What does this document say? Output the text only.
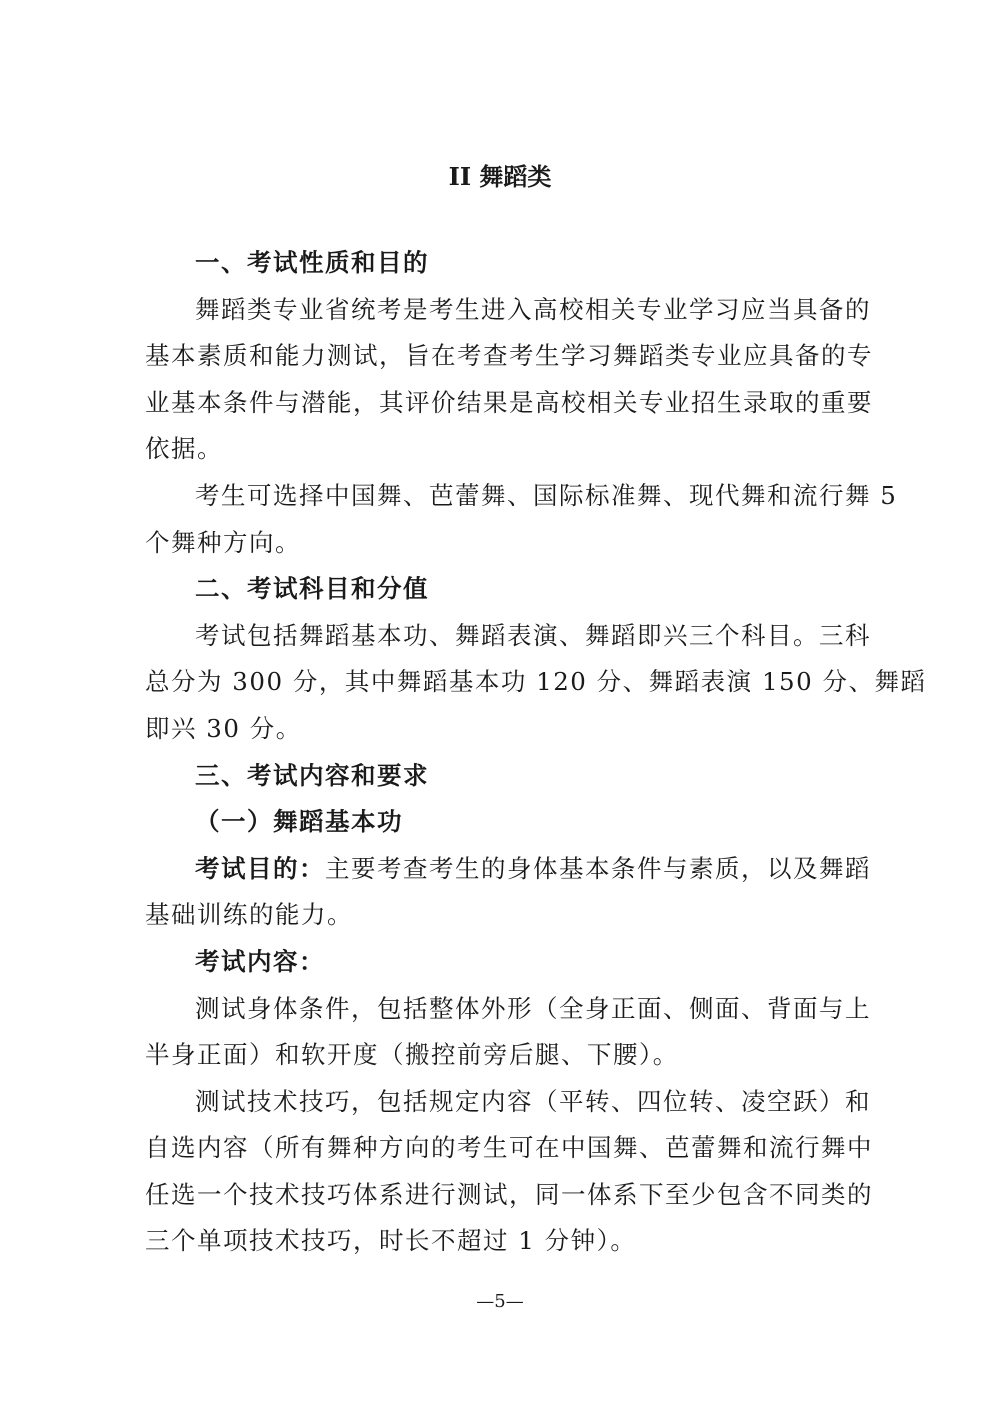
II 舞蹈类
一、考试性质和目的
舞蹈类专业省统考是考生进入高校相关专业学习应当具备的
基本素质和能力测试，旨在考查考生学习舞蹈类专业应具备的专
业基本条件与潜能，其评价结果是高校相关专业招生录取的重要
依据。
考生可选择中国舞、芭蕾舞、国际标准舞、现代舞和流行舞 5
个舞种方向。
二、考试科目和分值
考试包括舞蹈基本功、舞蹈表演、舞蹈即兴三个科目。三科
总分为 300 分，其中舞蹈基本功 120 分、舞蹈表演 150 分、舞蹈
即兴 30 分。
三、考试内容和要求
（一）舞蹈基本功
考试目的：主要考查考生的身体基本条件与素质，以及舞蹈
基础训练的能力。
考试内容：
测试身体条件，包括整体外形（全身正面、侧面、背面与上
半身正面）和软开度（搬控前旁后腿、下腰）。
测试技术技巧，包括规定内容（平转、四位转、凌空跃）和
自选内容（所有舞种方向的考生可在中国舞、芭蕾舞和流行舞中
任选一个技术技巧体系进行测试，同一体系下至少包含不同类的
三个单项技术技巧，时长不超过 1 分钟）。
—5—
